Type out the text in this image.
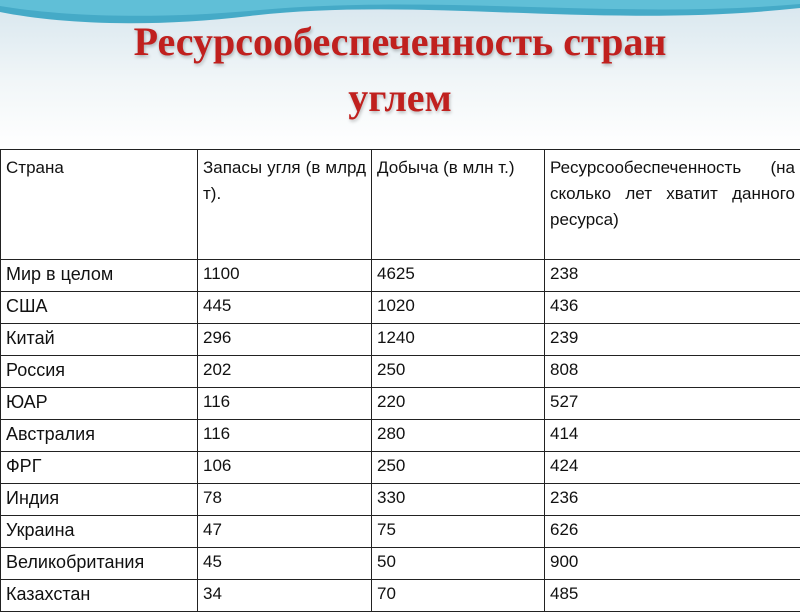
Ресурсообеспеченность стран
углем
Страна	Запасы угля (в млрд т).	Добыча (в млн т.)	Ресурсообеспеченность (на сколько лет хватит данного ресурса)
Мир в целом	1100	4625	238
США	445	1020	436
Китай	296	1240	239
Россия	202	250	808
ЮАР	116	220	527
Австралия	116	280	414
ФРГ	106	250	424
Индия	78	330	236
Украина	47	75	626
Великобритания	45	50	900
Казахстан	34	70	485
